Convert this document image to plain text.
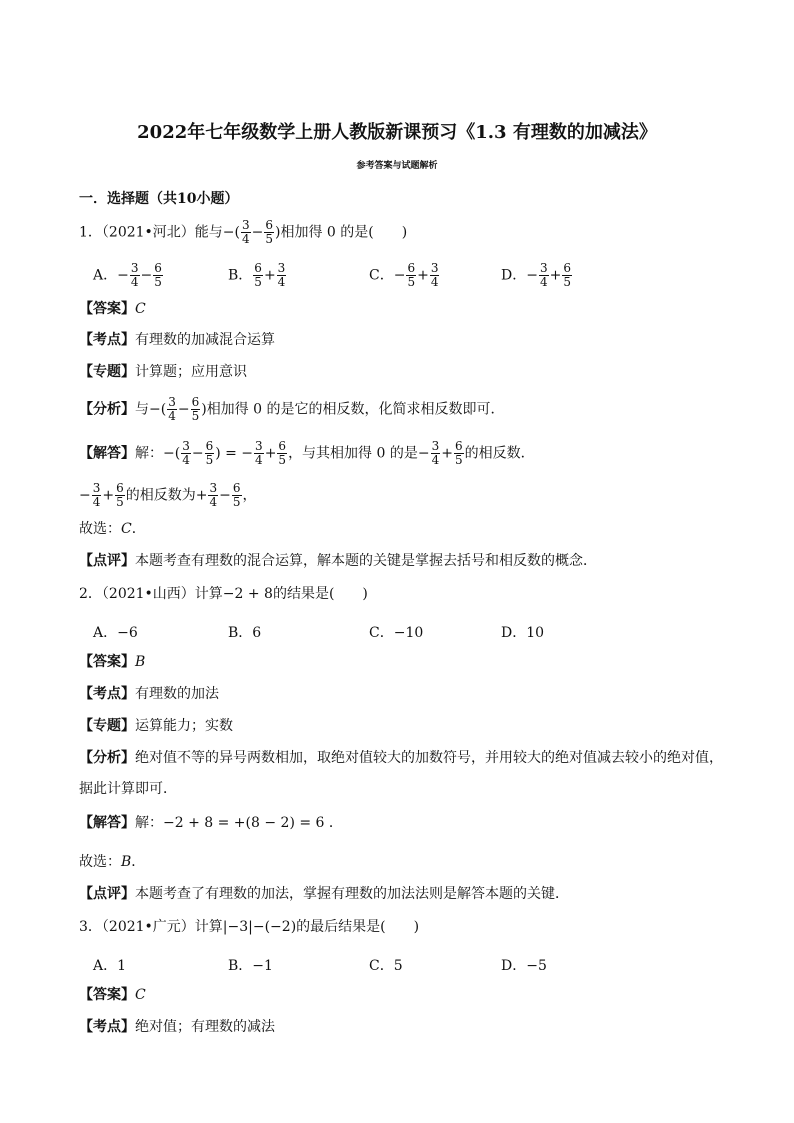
2022年七年级数学上册人教版新课预习《1.3 有理数的加减法》
参考答案与试题解析
一．选择题（共10小题）
1．（2021•河北）能与−( $\frac{3}{4} - \frac{6}{5}$ )相加得 0 的是(　　)
A．− $\frac{3}{4} - \frac{6}{5}$	B． $\frac{6}{5} + \frac{3}{4}$	C．− $\frac{6}{5} + \frac{3}{4}$	D．− $\frac{3}{4} + \frac{6}{5}$
【答案】C
【考点】有理数的加减混合运算
【专题】计算题；应用意识
【分析】与−( $\frac{3}{4} - \frac{6}{5}$ )相加得 0 的是它的相反数，化简求相反数即可．
【解答】解：−( $\frac{3}{4} - \frac{6}{5}$ ) = − $\frac{3}{4} + \frac{6}{5}$ ，与其相加得 0 的是− $\frac{3}{4} + \frac{6}{5}$ 的相反数．
− $\frac{3}{4} + \frac{6}{5}$ 的相反数为+ $\frac{3}{4} - \frac{6}{5}$ ，
故选：C．
【点评】本题考查有理数的混合运算，解本题的关键是掌握去括号和相反数的概念．
2．（2021•山西）计算−2 + 8的结果是(　　)
A．−6	B．6	C．−10	D．10
【答案】B
【考点】有理数的加法
【专题】运算能力；实数
【分析】绝对值不等的异号两数相加，取绝对值较大的加数符号，并用较大的绝对值减去较小的绝对值，
据此计算即可．
【解答】解：−2 + 8 = +(8 − 2) = 6 ．
故选：B．
【点评】本题考查了有理数的加法，掌握有理数的加法法则是解答本题的关键．
3．（2021•广元）计算|−3|−(−2)的最后结果是(　　)
A．1	B．−1	C．5	D．−5
【答案】C
【考点】绝对值；有理数的减法
